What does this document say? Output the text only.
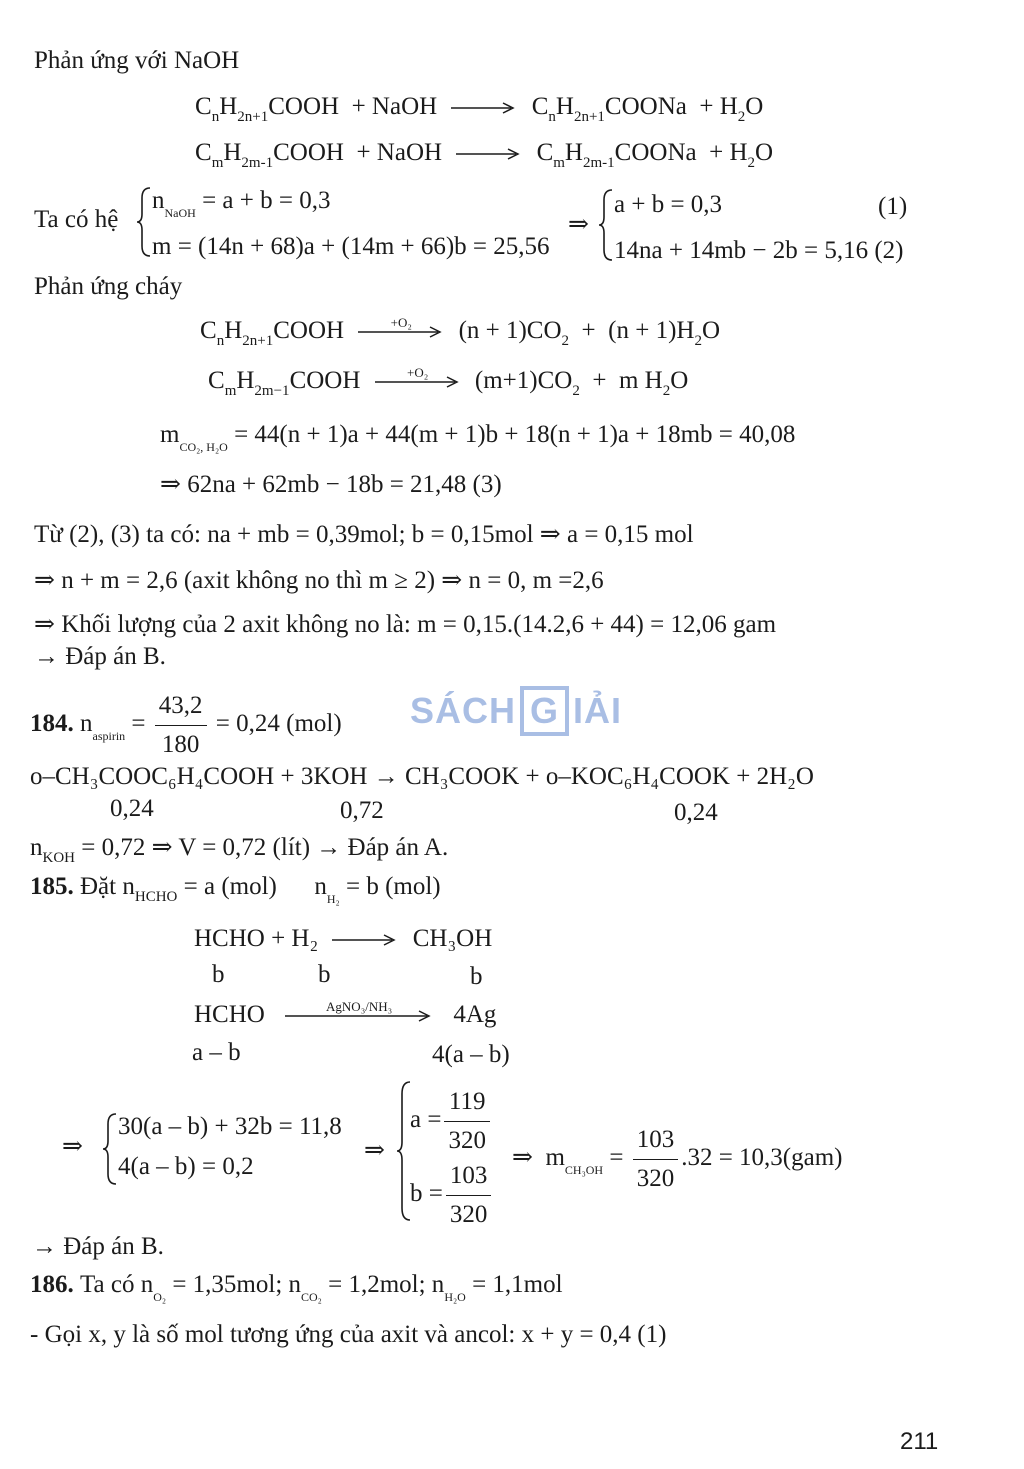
Phản ứng với NaOH
$C_nH_{2n+1}COOH$ + NaOH → $C_nH_{2n+1}COONa + H_2O$
$C_mH_{2m-1}COOH$ + NaOH → $C_mH_{2m-1}COONa + H_2O$
Ta có hệ
$n_{NaOH} = a + b = 0,3$
m = (14n + 68)a + (14m + 66)b = 25,56
⇒
a + b = 0,3	(1)
14na + 14mb − 2b = 5,16 (2)
Phản ứng cháy
$C_nH_{2n+1}COOH$	+O₂	$(n + 1)CO_2 + (n + 1)H_2O$
$C_mH_{2m-1}COOH$	+O₂	$(m+1)CO_2 + m$ $H_2O$
$m_{CO_2, H_2O} = 44(n + 1)a + 44(m + 1)b + 18(n + 1)a + 18mb = 40,08$
⇒ 62na + 62mb − 18b = 21,48 (3)
Từ (2), (3) ta có: na + mb = 0,39mol; b = 0,15mol ⇒ a = 0,15 mol
⇒ n + m = 2,6 (axit không no thì m ≥ 2) ⇒ n = 0, m =2,6
⇒ Khối lượng của 2 axit không no là: m = 0,15.(14.2,6 + 44) = 12,06 gam
→ Đáp án B.
184. $n_{aspirin} = \frac{43,2}{180} = 0,24$ (mol) SÁCH G IẢI
o–CH₃COOC₆H₄COOH + 3KOH → CH₃COOK + o–KOC₆H₄COOK + 2H₂O
0,24	0,72	0,24
$n_{KOH} = 0,72$ ⇒ V = 0,72 (lít) → Đáp án A.
185. Đặt $n_{HCHO} = a$ (mol) $n_{H_2} = b$ (mol)
HCHO + H₂ → CH₃OH
b	b	b
HCHO	AgNO₃/NH₃	4Ag
a – b	4(a – b)
⇒
30(a – b) + 32b = 11,8
4(a – b) = 0,2
⇒
$a = \frac{119}{320}$
$b = \frac{103}{320}$ ⇒ $m_{CH_3OH} = \frac{103}{320} .32 = 10,3(gam)$
→ Đáp án B.
186. Ta có $n_{O_2} = 1,35mol$; $n_{CO_2} = 1,2mol$; $n_{H_2O} = 1,1mol$
- Gọi x, y là số mol tương ứng của axit và ancol: x + y = 0,4 (1)
211
